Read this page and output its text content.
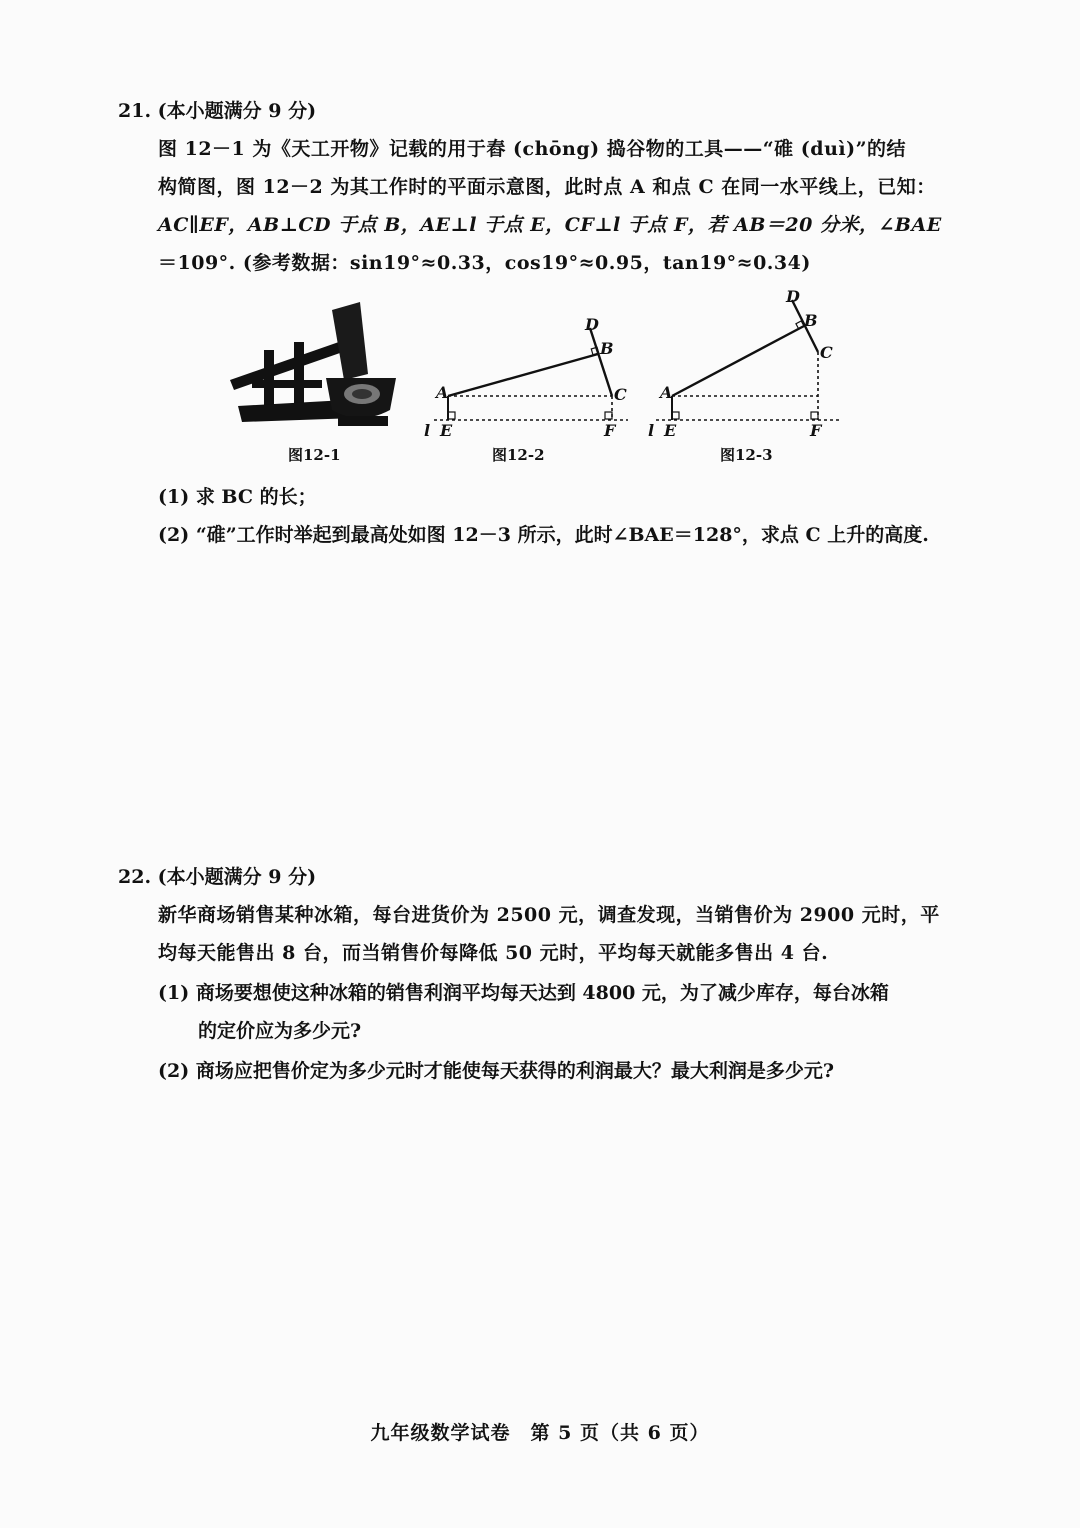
21. (本小题满分 9 分)
图 12－1 为《天工开物》记载的用于舂 (chōng) 捣谷物的工具——“碓 (duì)”的结
构简图，图 12－2 为其工作时的平面示意图，此时点 A 和点 C 在同一水平线上，已知：
AC∥EF，AB⊥CD 于点 B，AE⊥l 于点 E，CF⊥l 于点 F，若 AB＝20 分米，∠BAE
＝109°. (参考数据：sin19°≈0.33，cos19°≈0.95，tan19°≈0.34)
图12-1
A
B
C
D
E	F
l
图12-2
A
B
C
D
E	F
l
图12-3
(1) 求 BC 的长；
(2) “碓”工作时举起到最高处如图 12－3 所示，此时∠BAE＝128°，求点 C 上升的高度.
22. (本小题满分 9 分)
新华商场销售某种冰箱，每台进货价为 2500 元，调查发现，当销售价为 2900 元时，平
均每天能售出 8 台，而当销售价每降低 50 元时，平均每天就能多售出 4 台.
(1) 商场要想使这种冰箱的销售利润平均每天达到 4800 元，为了减少库存，每台冰箱
的定价应为多少元?
(2) 商场应把售价定为多少元时才能使每天获得的利润最大？最大利润是多少元?
九年级数学试卷　第 5 页（共 6 页）
